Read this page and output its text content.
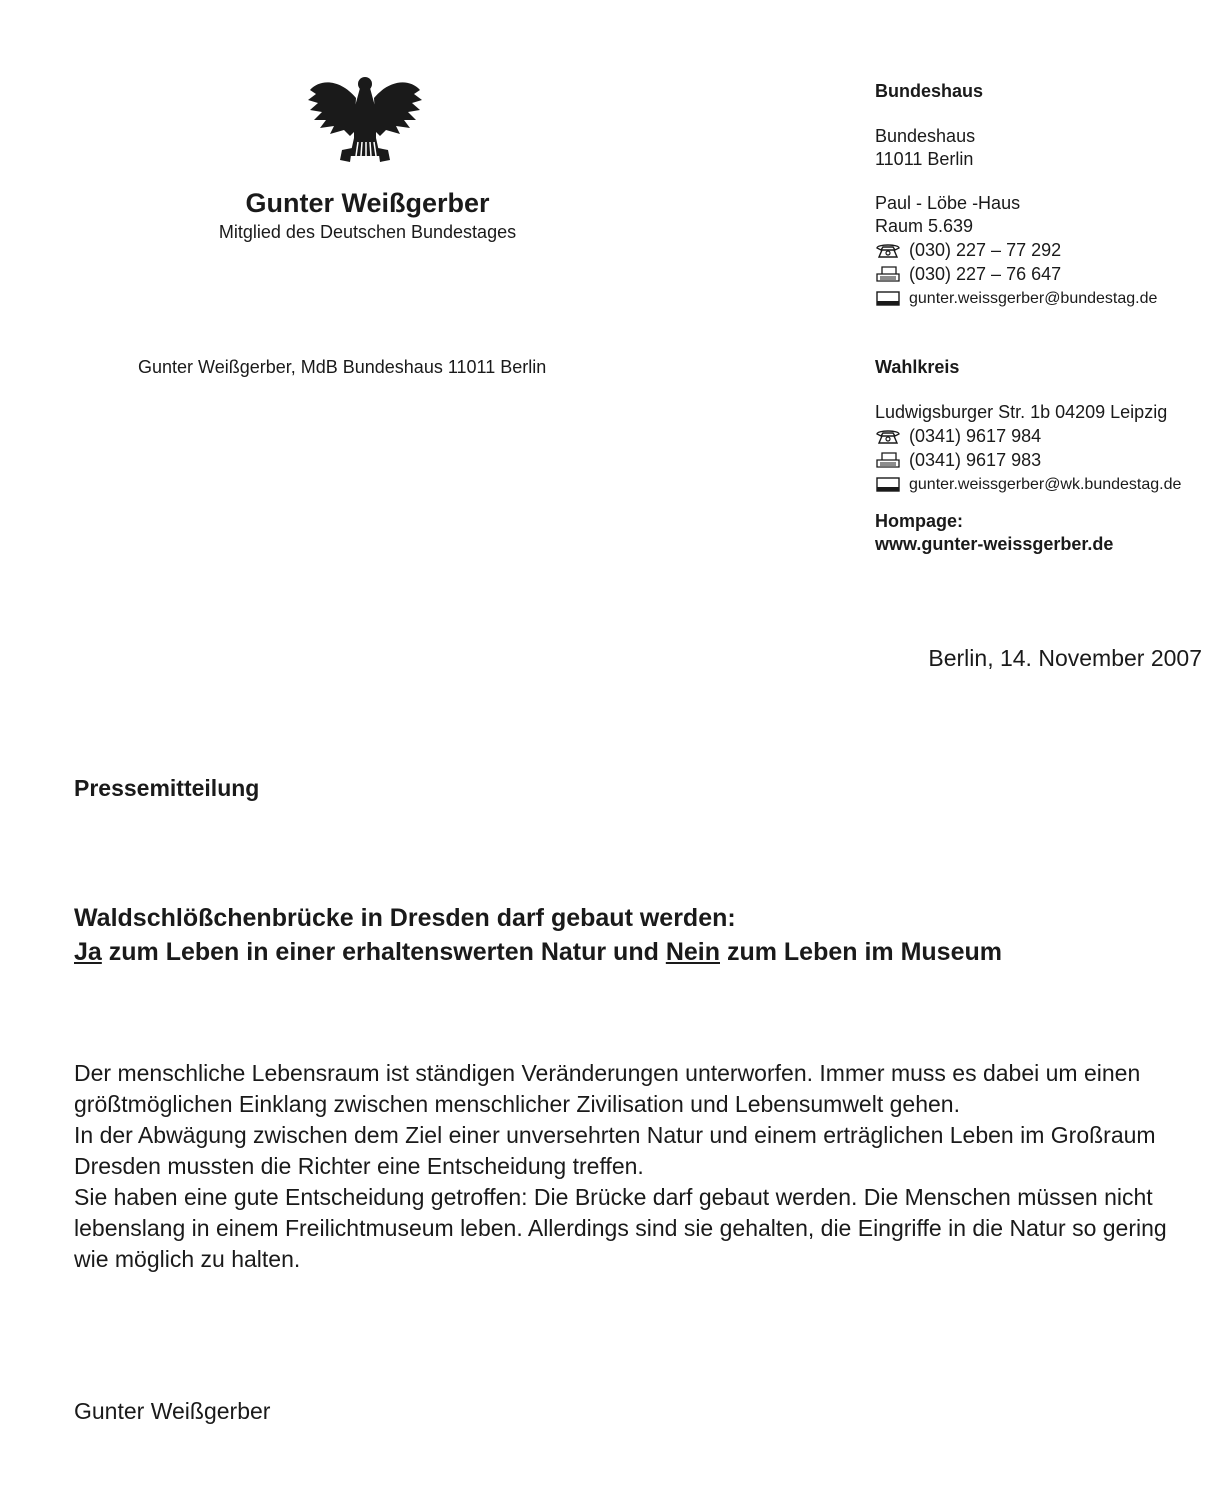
Gunter Weißgerber
Mitglied des Deutschen Bundestages
Gunter Weißgerber, MdB Bundeshaus 11011 Berlin
Bundeshaus
Bundeshaus
11011 Berlin
Paul - Löbe -Haus
Raum 5.639
(030) 227 – 77 292
(030) 227 – 76 647
gunter.weissgerber@bundestag.de
Wahlkreis
Ludwigsburger Str. 1b 04209 Leipzig
(0341) 9617 984
(0341) 9617 983
gunter.weissgerber@wk.bundestag.de
Hompage:
www.gunter-weissgerber.de
Berlin, 14. November 2007
Pressemitteilung
Waldschlößchenbrücke in Dresden darf gebaut werden:
Ja zum Leben in einer erhaltenswerten Natur und Nein zum Leben im Museum

Der menschliche Lebensraum ist ständigen Veränderungen unterworfen. Immer muss es dabei um einen größtmöglichen Einklang zwischen menschlicher Zivilisation und Lebensumwelt gehen.

In der Abwägung zwischen dem Ziel einer unversehrten Natur und einem erträglichen Leben im Großraum Dresden mussten die Richter eine Entscheidung treffen.

Sie haben eine gute Entscheidung getroffen: Die Brücke darf gebaut werden. Die Menschen müssen nicht lebenslang in einem Freilichtmuseum leben. Allerdings sind sie gehalten, die Eingriffe in die Natur so gering wie möglich zu halten.

Gunter Weißgerber
